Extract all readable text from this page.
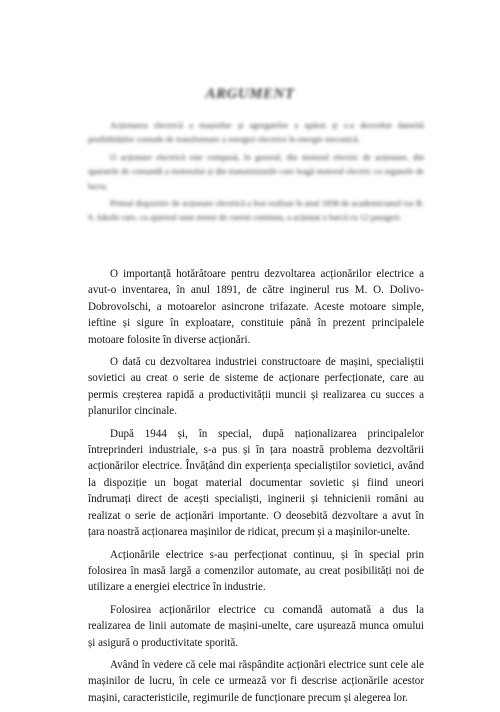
ARGUMENT

Acționarea electrică a mașinilor și agregatelor a apărut și s-a dezvoltat datorită posibilităților comode de transformare a energiei electrice în energie mecanică.

O acționare electrică este compusă, în general, din motorul electric de acționare, din aparatele de comandă a motorului și din transmisiunile care leagă motorul electric cu organele de lucru.

Primul dispozitiv de acționare electrică a fost realizat în anul 1838 de academicianul rus B. S. Iakobi care, cu ajutorul unui motor de curent continuu, a acționat o barcă cu 12 pasageri.

O importanță hotărâtoare pentru dezvoltarea acționărilor electrice a avut-o inventarea, în anul 1891, de către inginerul rus M. O. Dolivo-Dobrovolschi, a motoarelor asincrone trifazate. Aceste motoare simple, ieftine și sigure în exploatare, constituie până în prezent principalele motoare folosite în diverse acționări.

O dată cu dezvoltarea industriei constructoare de mașini, specialiștii sovietici au creat o serie de sisteme de acționare perfecționate, care au permis creșterea rapidă a productivității muncii și realizarea cu succes a planurilor cincinale.

După 1944 și, în special, după naționalizarea principalelor întreprinderi industriale, s-a pus și în țara noastră problema dezvoltării acționărilor electrice. Învățând din experiența specialiștilor sovietici, având la dispoziție un bogat material documentar sovietic și fiind uneori îndrumați direct de acești specialiști, inginerii și tehnicienii români au realizat o serie de acționări importante. O deosebită dezvoltare a avut în țara noastră acționarea mașinilor de ridicat, precum și a mașinilor-unelte.

Acționările electrice s-au perfecționat continuu, și în special prin folosirea în masă largă a comenzilor automate, au creat posibilități noi de utilizare a energiei electrice în industrie.

Folosirea acționărilor electrice cu comandă automată a dus la realizarea de linii automate de mașini-unelte, care ușurează munca omului și asigură o productivitate sporită.

Având în vedere că cele mai răspândite acționări electrice sunt cele ale mașinilor de lucru, în cele ce urmează vor fi descrise acționările acestor mașini, caracteristicile, regimurile de funcționare precum și alegerea lor.
